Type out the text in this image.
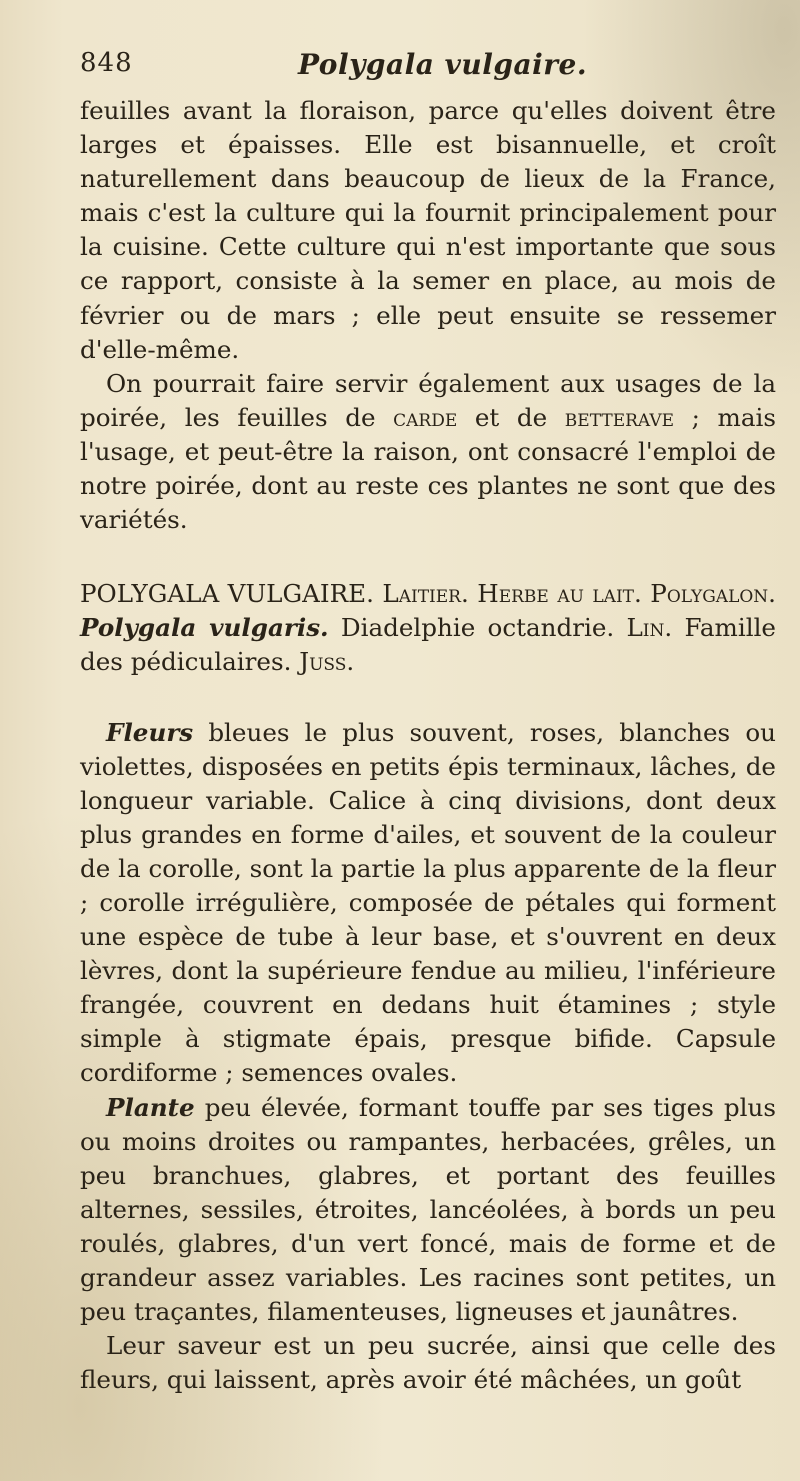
848	Polygala vulgaire.

feuilles avant la floraison, parce qu'elles doivent être larges et épaisses. Elle est bisannuelle, et croît naturellement dans beaucoup de lieux de la France, mais c'est la culture qui la fournit principalement pour la cuisine. Cette culture qui n'est importante que sous ce rapport, consiste à la semer en place, au mois de février ou de mars ; elle peut ensuite se ressemer d'elle-même.

On pourrait faire servir également aux usages de la poirée, les feuilles de carde et de betterave ; mais l'usage, et peut-être la raison, ont consacré l'emploi de notre poirée, dont au reste ces plantes ne sont que des variétés.

POLYGALA VULGAIRE. Laitier. Herbe au lait. Polygalon. Polygala vulgaris. Diadelphie octandrie. Lin. Famille des pédiculaires. Juss.

Fleurs bleues le plus souvent, roses, blanches ou violettes, disposées en petits épis terminaux, lâches, de longueur variable. Calice à cinq divisions, dont deux plus grandes en forme d'ailes, et souvent de la couleur de la corolle, sont la partie la plus apparente de la fleur ; corolle irrégulière, composée de pétales qui forment une espèce de tube à leur base, et s'ouvrent en deux lèvres, dont la supérieure fendue au milieu, l'inférieure frangée, couvrent en dedans huit étamines ; style simple à stigmate épais, presque bifide. Capsule cordiforme ; semences ovales.

Plante peu élevée, formant touffe par ses tiges plus ou moins droites ou rampantes, herbacées, grêles, un peu branchues, glabres, et portant des feuilles alternes, sessiles, étroites, lancéolées, à bords un peu roulés, glabres, d'un vert foncé, mais de forme et de grandeur assez variables. Les racines sont petites, un peu traçantes, filamenteuses, ligneuses et jaunâtres.

Leur saveur est un peu sucrée, ainsi que celle des fleurs, qui laissent, après avoir été mâchées, un goût
